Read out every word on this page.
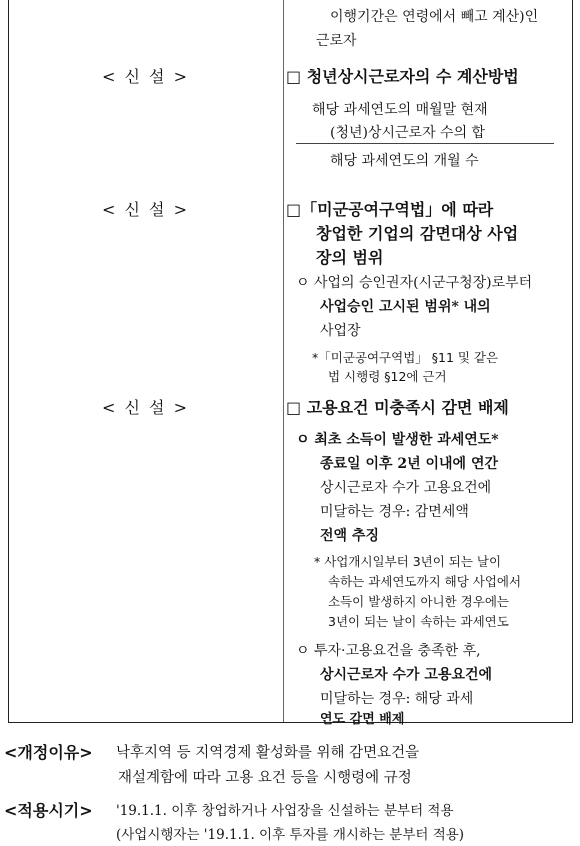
이행기간은 연령에서 빼고 계산)인
근로자
< 신 설 >	□ 청년상시근로자의 수 계산방법
해당 과세연도의 매월말 현재
(청년)상시근로자 수의 합
해당 과세연도의 개월 수
< 신 설 >	□「미군공여구역법」에 따라
창업한 기업의 감면대상 사업
장의 범위
ㅇ 사업의 승인권자(시군구청장)로부터
사업승인 고시된 범위* 내의
사업장
*「미군공여구역법」 §11 및 같은
법 시행령 §12에 근거
< 신 설 >	□ 고용요건 미충족시 감면 배제
ㅇ 최초 소득이 발생한 과세연도*
종료일 이후 2년 이내에 연간
상시근로자 수가 고용요건에
미달하는 경우: 감면세액
전액 추징
* 사업개시일부터 3년이 되는 날이
속하는 과세연도까지 해당 사업에서
소득이 발생하지 아니한 경우에는
3년이 되는 날이 속하는 과세연도
ㅇ 투자·고용요건을 충족한 후,
상시근로자 수가 고용요건에
미달하는 경우: 해당 과세
연도 감면 배제
<개정이유> 낙후지역 등 지역경제 활성화를 위해 감면요건을
재설계함에 따라 고용 요건 등을 시행령에 규정
<적용시기> '19.1.1. 이후 창업하거나 사업장을 신설하는 분부터 적용
(사업시행자는 '19.1.1. 이후 투자를 개시하는 분부터 적용)
